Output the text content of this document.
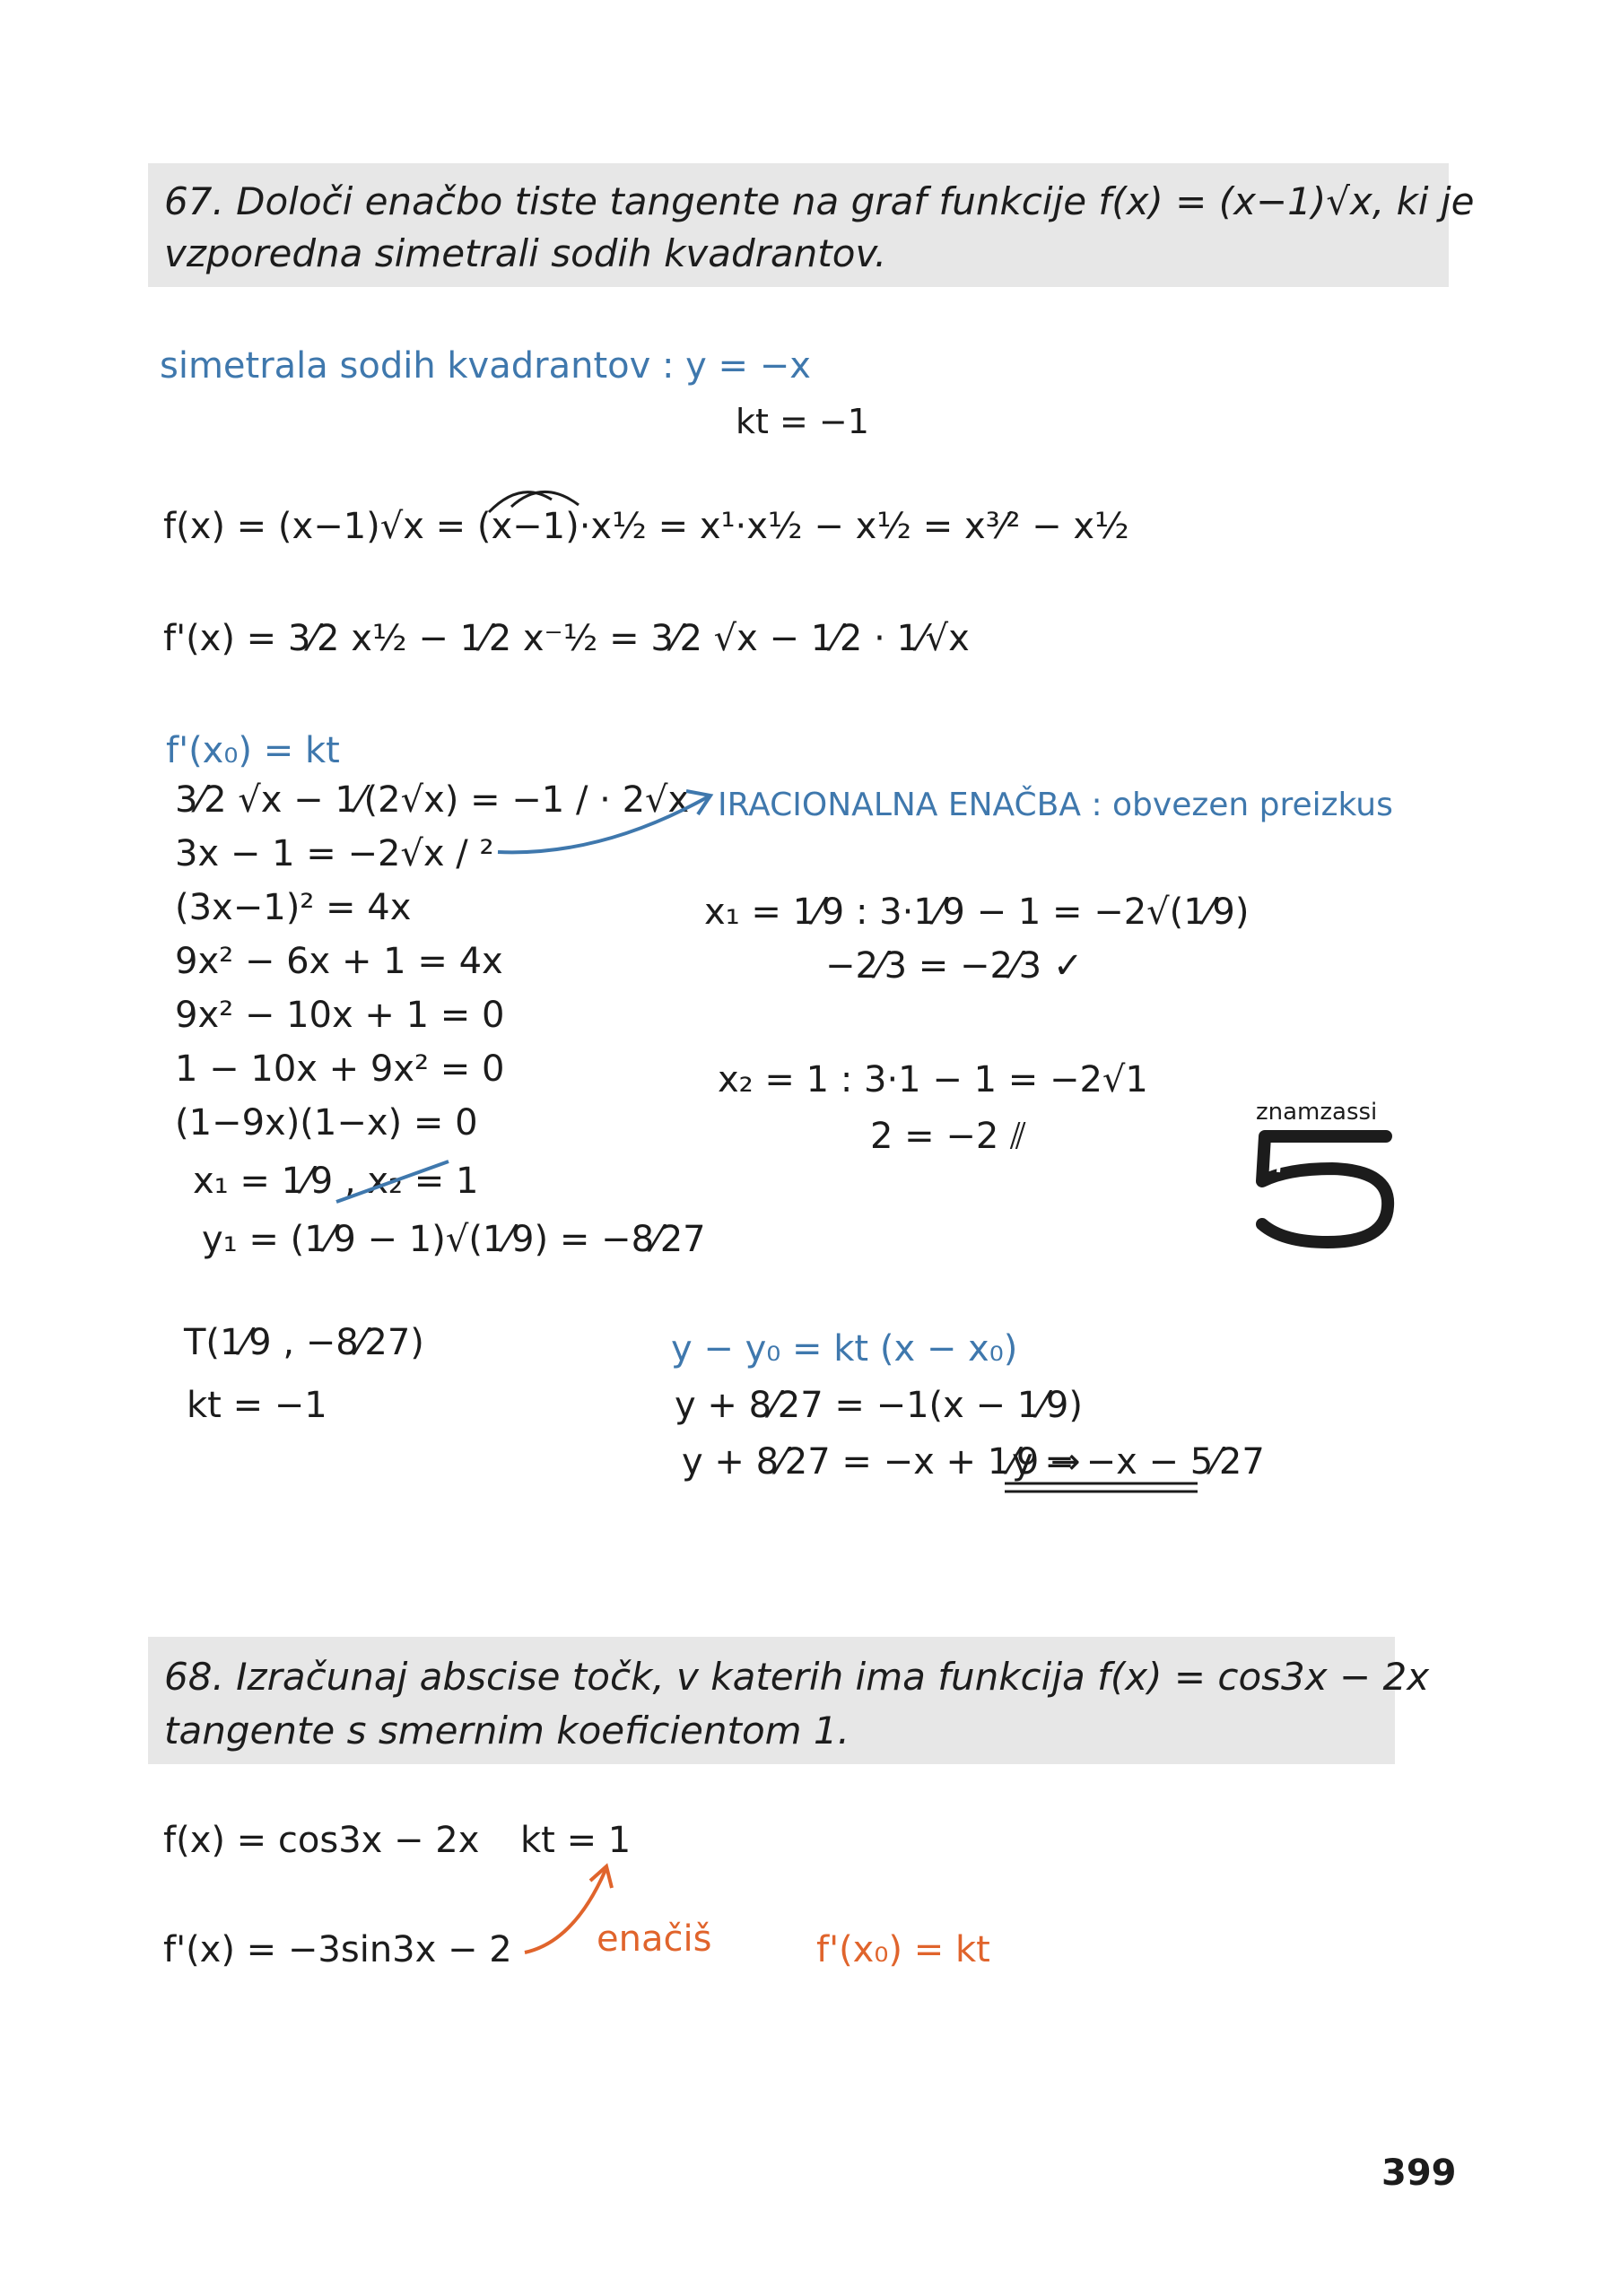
67. Določi enačbo tiste tangente na graf funkcije f(x) = (x−1)√x, ki je
vzporedna simetrali sodih kvadrantov.
simetrala sodih kvadrantov : y = −x
kt = −1
f(x) = (x−1)√x = (x−1)·x½ = x¹·x½ − x½ = x³⁄² − x½
f'(x) = 3⁄2 x½ − 1⁄2 x⁻½ = 3⁄2 √x − 1⁄2 · 1⁄√x
f'(x₀) = kt
3⁄2 √x − 1⁄(2√x) = −1 / · 2√x
3x − 1 = −2√x / ²
(3x−1)² = 4x
9x² − 6x + 1 = 4x
9x² − 10x + 1 = 0
1 − 10x + 9x² = 0
(1−9x)(1−x) = 0
x₁ = 1⁄9 , x₂ = 1
y₁ = (1⁄9 − 1)√(1⁄9) = −8⁄27
IRACIONALNA ENAČBA : obvezen preizkus
x₁ = 1⁄9 : 3·1⁄9 − 1 = −2√(1⁄9)
−2⁄3 = −2⁄3 ✓
x₂ = 1 : 3·1 − 1 = −2√1
2 = −2 ⫽
znamzassi
T(1⁄9 , −8⁄27)
kt = −1
y − y₀ = kt (x − x₀)
y + 8⁄27 = −1(x − 1⁄9)
y + 8⁄27 = −x + 1⁄9 →
y = −x − 5⁄27
68. Izračunaj abscise točk, v katerih ima funkcija f(x) = cos3x − 2x
tangente s smernim koeficientom 1.
f(x) = cos3x − 2x kt = 1
f'(x) = −3sin3x − 2 enačiš	f'(x₀) = kt
399
